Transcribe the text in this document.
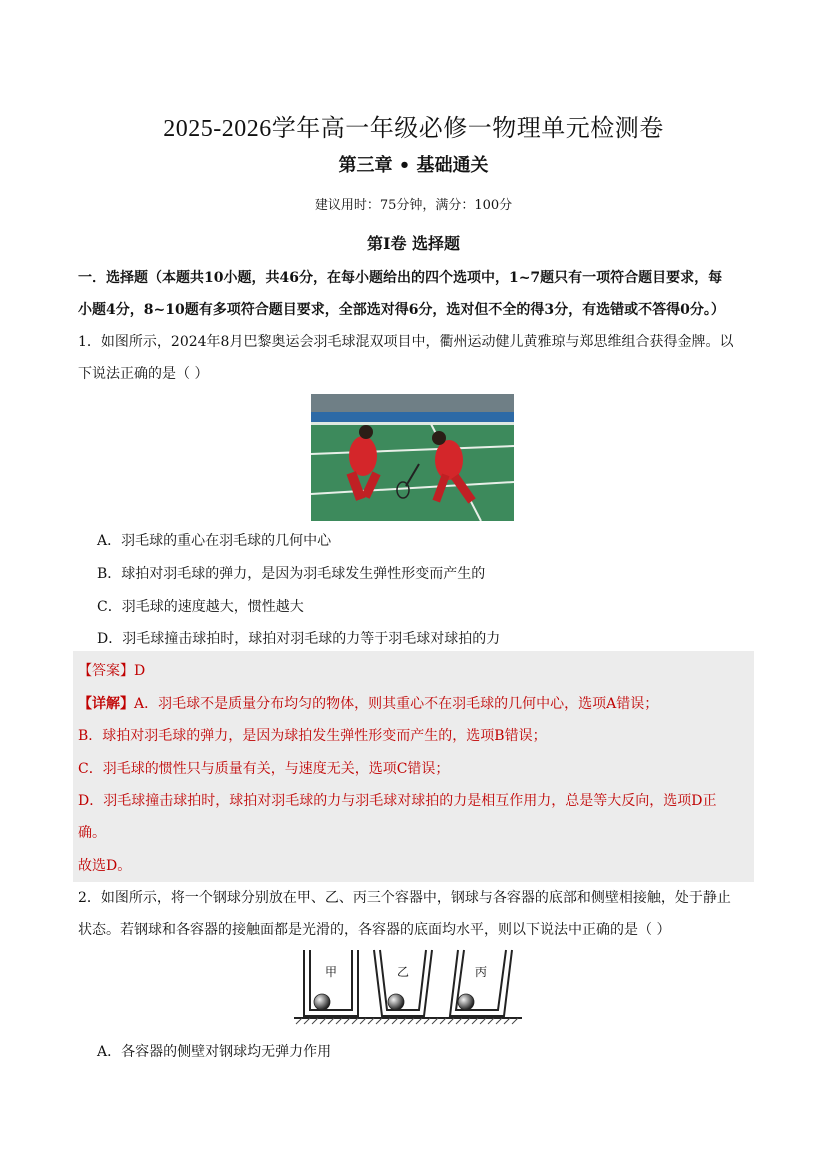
2025-2026学年高一年级必修一物理单元检测卷
第三章 • 基础通关
建议用时：75分钟，满分：100分
第Ⅰ卷 选择题
一．选择题（本题共10小题，共46分，在每小题给出的四个选项中，1~7题只有一项符合题目要求，每
小题4分，8~10题有多项符合题目要求，全部选对得6分，选对但不全的得3分，有选错或不答得0分。）
1．如图所示，2024年8月巴黎奥运会羽毛球混双项目中，衢州运动健儿黄雅琼与郑思维组合获得金牌。以
下说法正确的是（ ）
A．羽毛球的重心在羽毛球的几何中心
B．球拍对羽毛球的弹力，是因为羽毛球发生弹性形变而产生的
C．羽毛球的速度越大，惯性越大
D．羽毛球撞击球拍时，球拍对羽毛球的力等于羽毛球对球拍的力
【答案】D
【详解】A．羽毛球不是质量分布均匀的物体，则其重心不在羽毛球的几何中心，选项A错误；
B．球拍对羽毛球的弹力，是因为球拍发生弹性形变而产生的，选项B错误；
C．羽毛球的惯性只与质量有关，与速度无关，选项C错误；
D．羽毛球撞击球拍时，球拍对羽毛球的力与羽毛球对球拍的力是相互作用力，总是等大反向，选项D正
确。
故选D。
2．如图所示，将一个钢球分别放在甲、乙、丙三个容器中，钢球与各容器的底部和侧壁相接触，处于静止
状态。若钢球和各容器的接触面都是光滑的，各容器的底面均水平，则以下说法中正确的是（ ）
甲	乙	丙
A．各容器的侧壁对钢球均无弹力作用
